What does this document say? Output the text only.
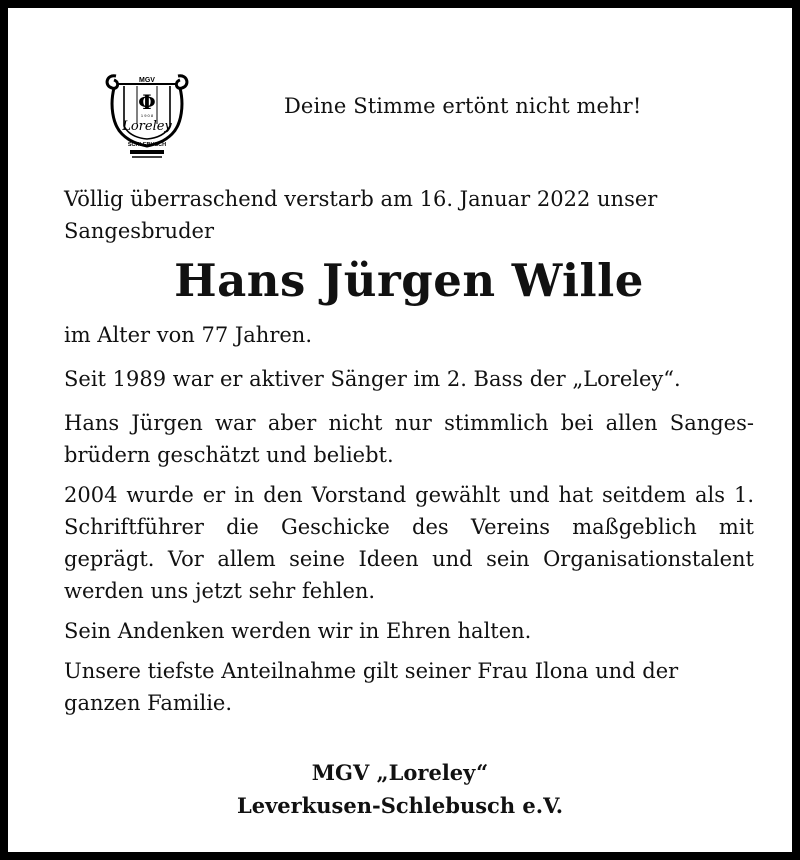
MGV
Φ
1 9 0 8
Loreley
SCHLEBUSCH
Deine Stimme ertönt nicht mehr!

Völlig überraschend verstarb am 16. Januar 2022 unser Sangesbruder

Hans Jürgen Wille

im Alter von 77 Jahren.

Seit 1989 war er aktiver Sänger im 2. Bass der „Loreley“.

Hans Jürgen war aber nicht nur stimmlich bei allen Sanges-brüdern geschätzt und beliebt.

2004 wurde er in den Vorstand gewählt und hat seitdem als 1. Schriftführer die Geschicke des Vereins maßgeblich mit geprägt. Vor allem seine Ideen und sein Organisationstalent werden uns jetzt sehr fehlen.

Sein Andenken werden wir in Ehren halten.

Unsere tiefste Anteilnahme gilt seiner Frau Ilona und der ganzen Familie.

MGV „Loreley“
Leverkusen-Schlebusch e.V.
